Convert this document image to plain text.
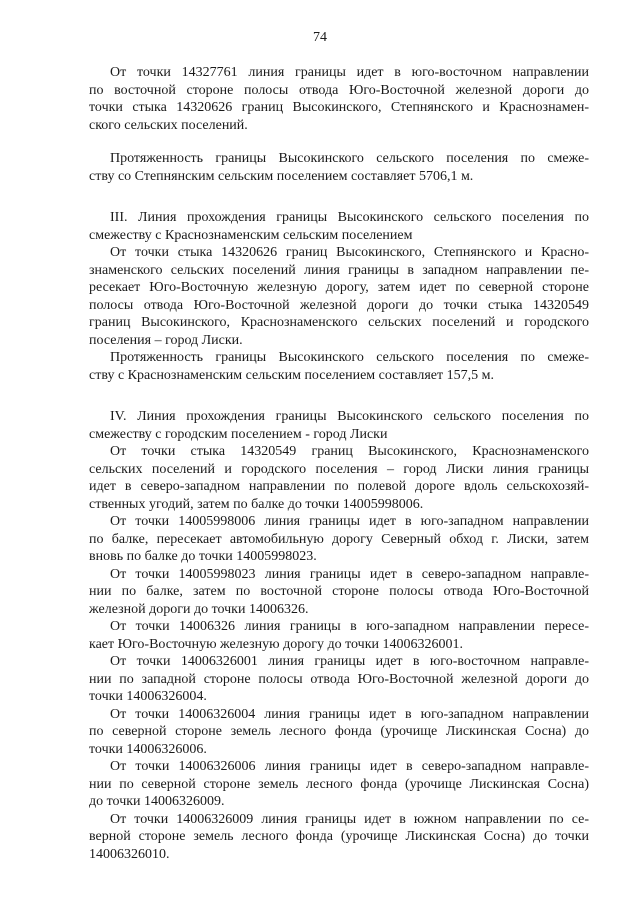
74
  От точки 14327761 линия границы идет в юго-восточном направлении
по восточной стороне полосы отвода Юго-Восточной железной дороги до
точки стыка 14320626 границ Высокинского, Степнянского и Краснознамен-
ского сельских поселений.
  Протяженность границы Высокинского сельского поселения по смеже-
ству со Степнянским сельским поселением составляет 5706,1 м.
  III. Линия прохождения границы Высокинского сельского поселения по
смежеству с Краснознаменским сельским поселением
  От точки стыка 14320626 границ Высокинского, Степнянского и Красно-
знаменского сельских поселений линия границы в западном направлении пе-
ресекает Юго-Восточную железную дорогу, затем идет по северной стороне
полосы отвода Юго-Восточной железной дороги до точки стыка 14320549
границ Высокинского, Краснознаменского сельских поселений и городского
поселения – город Лиски.
  Протяженность границы Высокинского сельского поселения по смеже-
ству с Краснознаменским сельским поселением составляет 157,5 м.
  IV. Линия прохождения границы Высокинского сельского поселения по
смежеству с городским поселением - город Лиски
  От точки стыка 14320549 границ Высокинского, Краснознаменского
сельских поселений и городского поселения – город Лиски линия границы
идет в северо-западном направлении по полевой дороге вдоль сельскохозяй-
ственных угодий, затем по балке до точки 14005998006.
  От точки 14005998006 линия границы идет в юго-западном направлении
по балке, пересекает автомобильную дорогу Северный обход г. Лиски, затем
вновь по балке до точки 14005998023.
  От точки 14005998023 линия границы идет в северо-западном направле-
нии по балке, затем по восточной стороне полосы отвода Юго-Восточной
железной дороги до точки 14006326.
  От точки 14006326 линия границы в юго-западном направлении пересе-
кает Юго-Восточную железную дорогу до точки 14006326001.
  От точки 14006326001 линия границы идет в юго-восточном направле-
нии по западной стороне полосы отвода Юго-Восточной железной дороги до
точки 14006326004.
  От точки 14006326004 линия границы идет в юго-западном направлении
по северной стороне земель лесного фонда (урочище Лискинская Сосна) до
точки 14006326006.
  От точки 14006326006 линия границы идет в северо-западном направле-
нии по северной стороне земель лесного фонда (урочище Лискинская Сосна)
до точки 14006326009.
  От точки 14006326009 линия границы идет в южном направлении по се-
верной стороне земель лесного фонда (урочище Лискинская Сосна) до точки
14006326010.
